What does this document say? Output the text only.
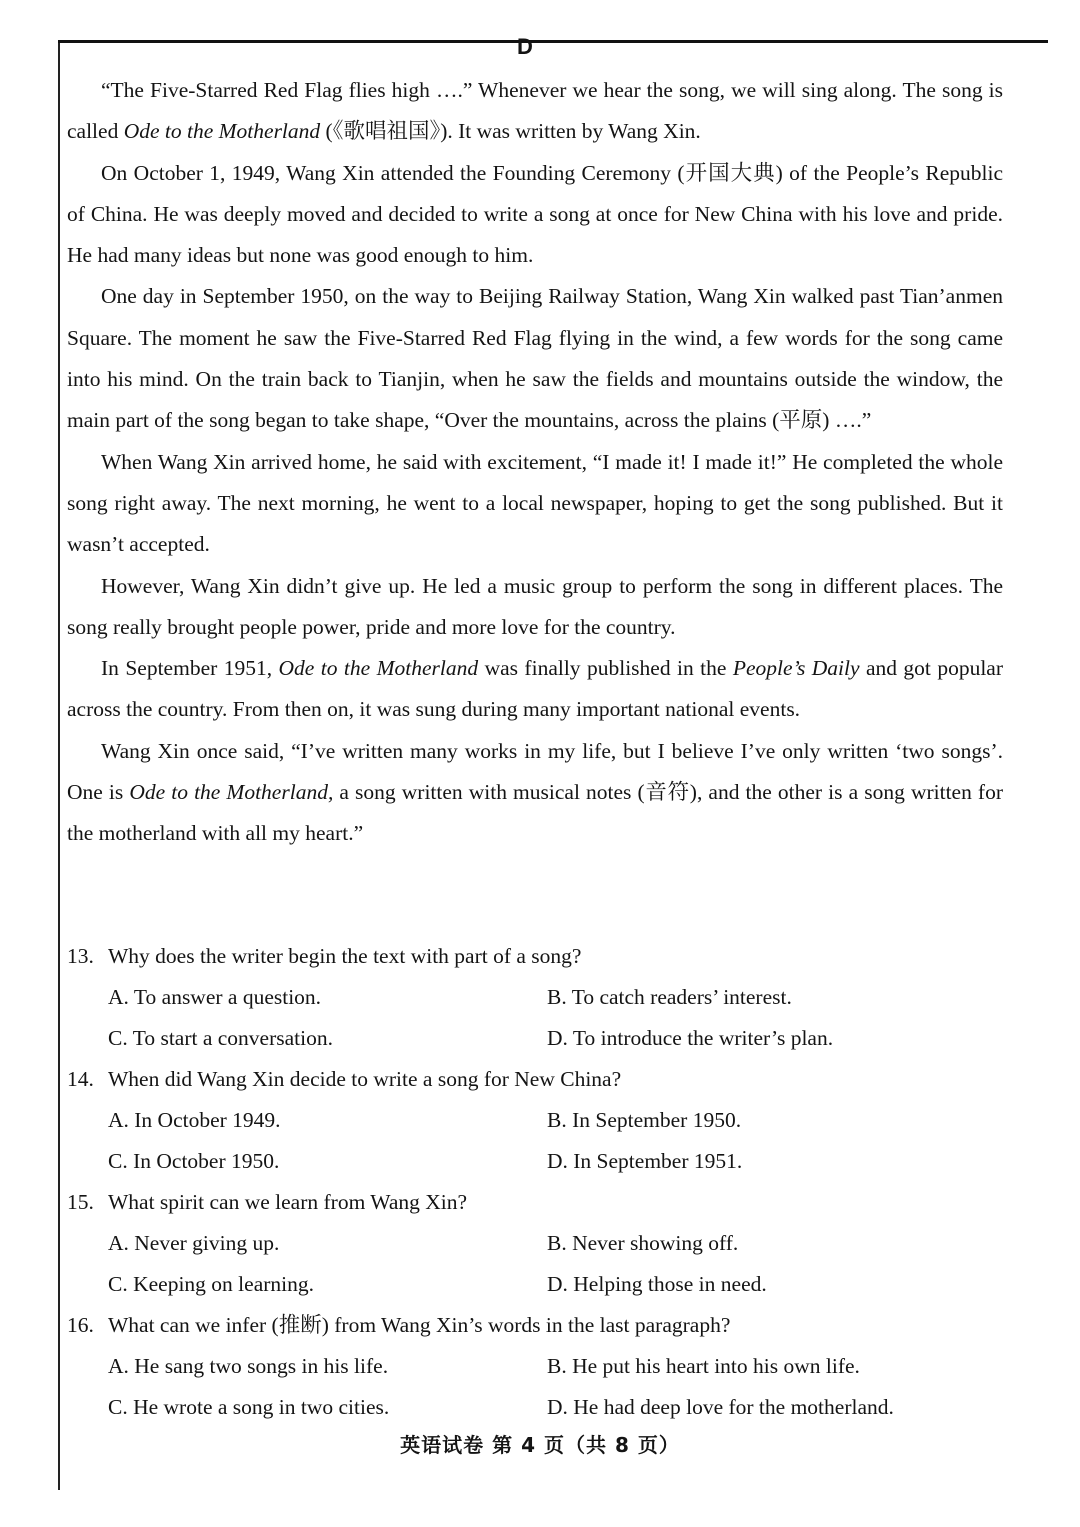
D

“The Five-Starred Red Flag flies high ….” Whenever we hear the song, we will sing along. The song is called Ode to the Motherland (《歌唱祖国》). It was written by Wang Xin.

On October 1, 1949, Wang Xin attended the Founding Ceremony (开国大典) of the People’s Republic of China. He was deeply moved and decided to write a song at once for New China with his love and pride. He had many ideas but none was good enough to him.

One day in September 1950, on the way to Beijing Railway Station, Wang Xin walked past Tian’anmen Square. The moment he saw the Five-Starred Red Flag flying in the wind, a few words for the song came into his mind. On the train back to Tianjin, when he saw the fields and mountains outside the window, the main part of the song began to take shape, “Over the mountains, across the plains (平原) ….”

When Wang Xin arrived home, he said with excitement, “I made it! I made it!” He completed the whole song right away. The next morning, he went to a local newspaper, hoping to get the song published. But it wasn’t accepted.

However, Wang Xin didn’t give up. He led a music group to perform the song in different places. The song really brought people power, pride and more love for the country.

In September 1951, Ode to the Motherland was finally published in the People’s Daily and got popular across the country. From then on, it was sung during many important national events.

Wang Xin once said, “I’ve written many works in my life, but I believe I’ve only written ‘two songs’. One is Ode to the Motherland, a song written with musical notes (音符), and the other is a song written for the motherland with all my heart.”

13. Why does the writer begin the text with part of a song?
A. To answer a question.	B. To catch readers’ interest.
C. To start a conversation.	D. To introduce the writer’s plan.
14. When did Wang Xin decide to write a song for New China?
A. In October 1949.	B. In September 1950.
C. In October 1950.	D. In September 1951.
15. What spirit can we learn from Wang Xin?
A. Never giving up.	B. Never showing off.
C. Keeping on learning.	D. Helping those in need.
16. What can we infer (推断) from Wang Xin’s words in the last paragraph?
A. He sang two songs in his life.	B. He put his heart into his own life.
C. He wrote a song in two cities.	D. He had deep love for the motherland.
英语试卷 第 4 页（共 8 页）
